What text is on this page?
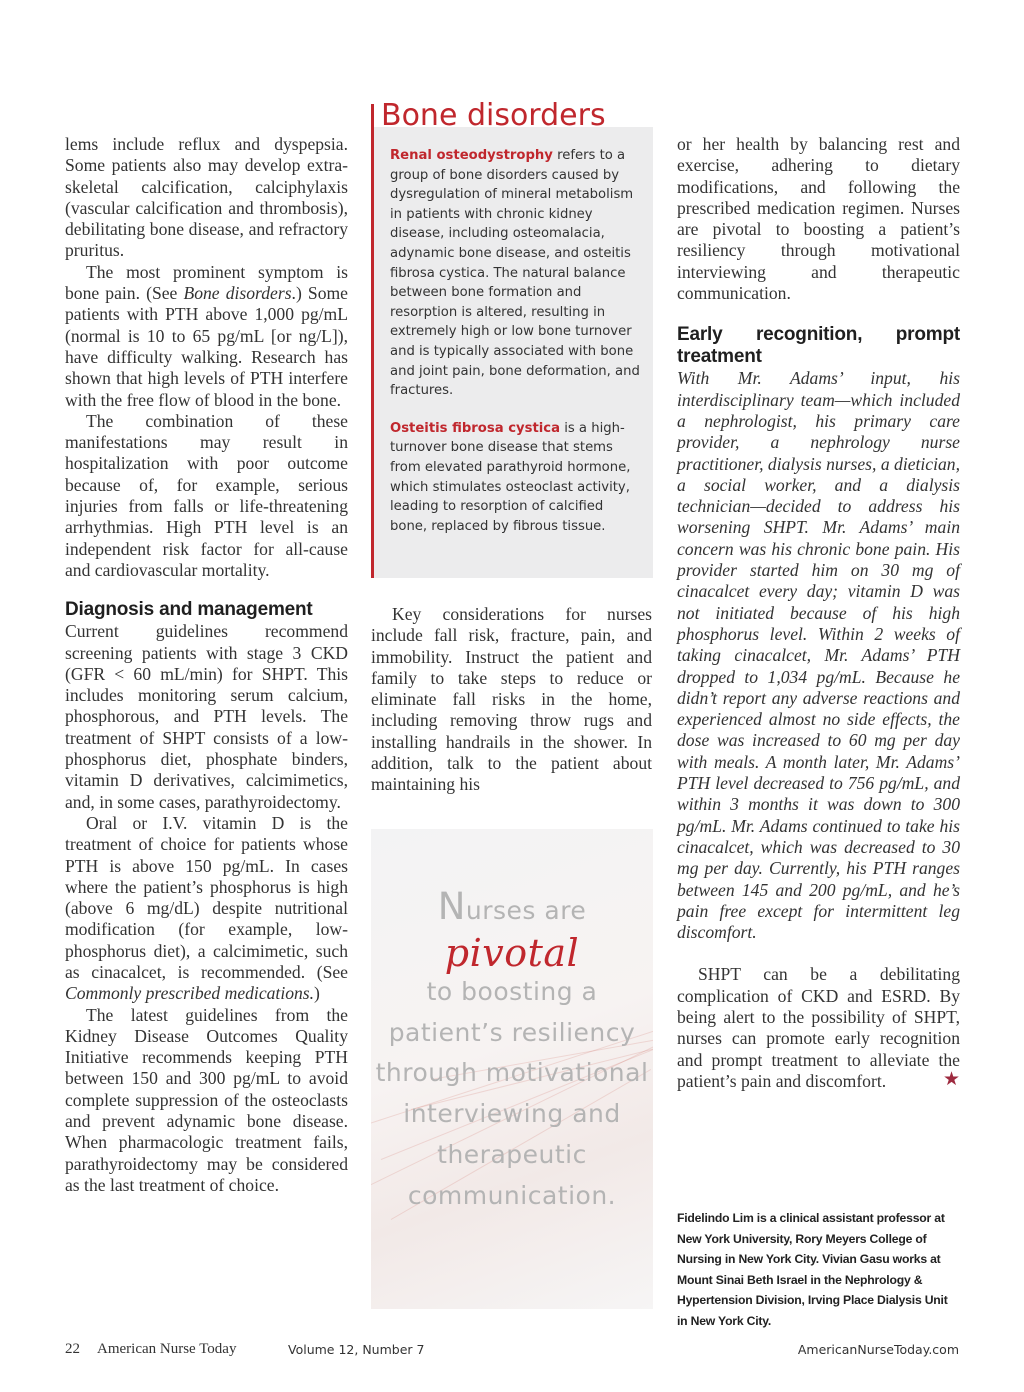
lems include reflux and dyspepsia. Some patients also may develop extra-skeletal calcification, calciphylaxis (vascular calcification and thrombosis), debilitating bone disease, and refractory pruritus.

The most prominent symptom is bone pain. (See Bone disorders.) Some patients with PTH above 1,000 pg/mL (normal is 10 to 65 pg/mL [or ng/L]), have difficulty walking. Research has shown that high levels of PTH interfere with the free flow of blood in the bone.

The combination of these manifestations may result in hospitalization with poor outcome because of, for example, serious injuries from falls or life-threatening arrhythmias. High PTH level is an independent risk factor for all-cause and cardiovascular mortality.

Diagnosis and management

Current guidelines recommend screening patients with stage 3 CKD (GFR < 60 mL/min) for SHPT. This includes monitoring serum calcium, phosphorous, and PTH levels. The treatment of SHPT consists of a low-phosphorus diet, phosphate binders, vitamin D derivatives, calcimimetics, and, in some cases, parathyroidectomy.

Oral or I.V. vitamin D is the treatment of choice for patients whose PTH is above 150 pg/mL. In cases where the patient’s phosphorus is high (above 6 mg/dL) despite nutritional modification (for example, low-phosphorus diet), a calcimimetic, such as cinacalcet, is recommended. (See Commonly prescribed medications.)

The latest guidelines from the Kidney Disease Outcomes Quality Initiative recommends keeping PTH between 150 and 300 pg/mL to avoid complete suppression of the osteoclasts and prevent adynamic bone disease. When pharmacologic treatment fails, parathyroidectomy may be considered as the last treatment of choice.

Bone disorders

Renal osteodystrophy refers to a group of bone disorders caused by dysregulation of mineral metabolism in patients with chronic kidney disease, including osteomalacia, adynamic bone disease, and osteitis fibrosa cystica. The natural balance between bone formation and resorption is altered, resulting in extremely high or low bone turnover and is typically associated with bone and joint pain, bone deformation, and fractures.

Osteitis fibrosa cystica is a high-turnover bone disease that stems from elevated parathyroid hormone, which stimulates osteoclast activity, leading to resorption of calcified bone, replaced by fibrous tissue.

Key considerations for nurses include fall risk, fracture, pain, and immobility. Instruct the patient and family to take steps to reduce or eliminate fall risks in the home, including removing throw rugs and installing handrails in the shower. In addition, talk to the patient about maintaining his

Nurses are
pivotal
to boosting a patient’s resiliency through motivational interviewing and therapeutic communication.

or her health by balancing rest and exercise, adhering to dietary modifications, and following the prescribed medication regimen. Nurses are pivotal to boosting a patient’s resiliency through motivational interviewing and therapeutic communication.

Early recognition, prompt treatment

With Mr. Adams’ input, his interdisciplinary team—which included a nephrologist, his primary care provider, a nephrology nurse practitioner, dialysis nurses, a dietician, a social worker, and a dialysis technician—decided to address his worsening SHPT. Mr. Adams’ main concern was his chronic bone pain. His provider started him on 30 mg of cinacalcet every day; vitamin D was not initiated because of his high phosphorus level. Within 2 weeks of taking cinacalcet, Mr. Adams’ PTH dropped to 1,034 pg/mL. Because he didn’t report any adverse reactions and experienced almost no side effects, the dose was increased to 60 mg per day with meals. A month later, Mr. Adams’ PTH level decreased to 756 pg/mL, and within 3 months it was down to 300 pg/mL. Mr. Adams continued to take his cinacalcet, which was decreased to 30 mg per day. Currently, his PTH ranges between 145 and 200 pg/mL, and he’s pain free except for intermittent leg discomfort.

SHPT can be a debilitating complication of CKD and ESRD. By being alert to the possibility of SHPT, nurses can promote early recognition and prompt treatment to alleviate the patient’s pain and discomfort.	★

Fidelindo Lim is a clinical assistant professor at New York University, Rory Meyers College of Nursing in New York City. Vivian Gasu works at Mount Sinai Beth Israel in the Nephrology & Hypertension Division, Irving Place Dialysis Unit in New York City.
22 American Nurse Today	Volume 12, Number 7	AmericanNurseToday.com
